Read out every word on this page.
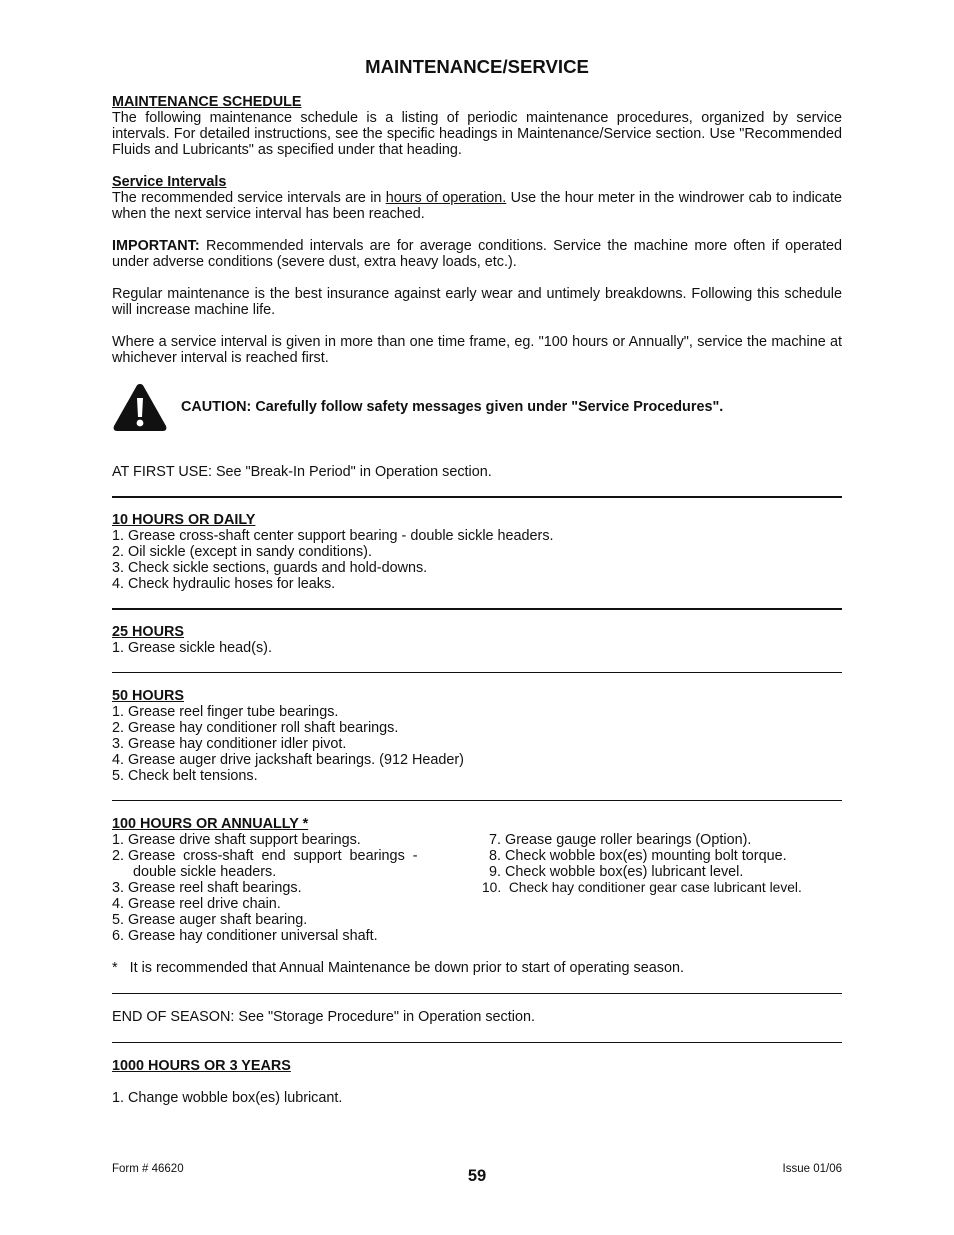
MAINTENANCE/SERVICE
MAINTENANCE SCHEDULE

The following maintenance schedule is a listing of periodic maintenance procedures, organized by service intervals. For detailed instructions, see the specific headings in Maintenance/Service section. Use "Recommended Fluids and Lubricants" as specified under that heading.

Service Intervals

The recommended service intervals are in hours of operation. Use the hour meter in the windrower cab to indicate when the next service interval has been reached.

IMPORTANT: Recommended intervals are for average conditions. Service the machine more often if operated under adverse conditions (severe dust, extra heavy loads, etc.).

Regular maintenance is the best insurance against early wear and untimely breakdowns. Following this schedule will increase machine life.

Where a service interval is given in more than one time frame, eg. "100 hours or Annually", service the machine at whichever interval is reached first.

CAUTION: Carefully follow safety messages given under "Service Procedures".

AT FIRST USE: See "Break-In Period" in Operation section.

10 HOURS OR DAILY
1. Grease cross-shaft center support bearing - double sickle headers.
2. Oil sickle (except in sandy conditions).
3. Check sickle sections, guards and hold-downs.
4. Check hydraulic hoses for leaks.
25 HOURS
1. Grease sickle head(s).
50 HOURS
1. Grease reel finger tube bearings.
2. Grease hay conditioner roll shaft bearings.
3. Grease hay conditioner idler pivot.
4. Grease auger drive jackshaft bearings. (912 Header)
5. Check belt tensions.
100 HOURS OR ANNUALLY *
1. Grease drive shaft support bearings.
2. Grease  cross-shaft  end  support  bearings  -
double sickle headers.
3. Grease reel shaft bearings.
4. Grease reel drive chain.
5. Grease auger shaft bearing.
6. Grease hay conditioner universal shaft.
7. Grease gauge roller bearings (Option).
8. Check wobble box(es) mounting bolt torque.
9. Check wobble box(es) lubricant level.
10.  Check hay conditioner gear case lubricant level.

*   It is recommended that Annual Maintenance be down prior to start of operating season.

END OF SEASON: See "Storage Procedure" in Operation section.

1000 HOURS OR 3 YEARS
1. Change wobble box(es) lubricant.
Form # 46620	59	Issue 01/06
